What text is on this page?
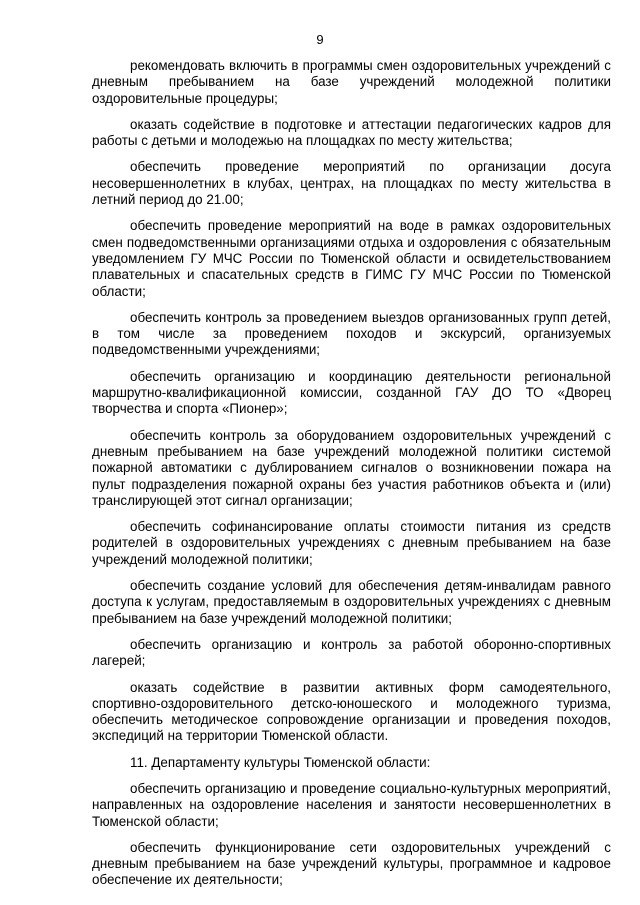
9

рекомендовать включить в программы смен оздоровительных учреждений с дневным пребыванием на базе учреждений молодежной политики оздоровительные процедуры;

оказать содействие в подготовке и аттестации педагогических кадров для работы с детьми и молодежью на площадках по месту жительства;

обеспечить проведение мероприятий по организации досуга несовершеннолетних в клубах, центрах, на площадках по месту жительства в летний период до 21.00;

обеспечить проведение мероприятий на воде в рамках оздоровительных смен подведомственными организациями отдыха и оздоровления с обязательным уведомлением ГУ МЧС России по Тюменской области и освидетельствованием плавательных и спасательных средств в ГИМС ГУ МЧС России по Тюменской области;

обеспечить контроль за проведением выездов организованных групп детей, в том числе за проведением походов и экскурсий, организуемых подведомственными учреждениями;

обеспечить организацию и координацию деятельности региональной маршрутно-квалификационной комиссии, созданной ГАУ ДО ТО «Дворец творчества и спорта «Пионер»;

обеспечить контроль за оборудованием оздоровительных учреждений с дневным пребыванием на базе учреждений молодежной политики системой пожарной автоматики с дублированием сигналов о возникновении пожара на пульт подразделения пожарной охраны без участия работников объекта и (или) транслирующей этот сигнал организации;

обеспечить софинансирование оплаты стоимости питания из средств родителей в оздоровительных учреждениях с дневным пребыванием на базе учреждений молодежной политики;

обеспечить создание условий для обеспечения детям-инвалидам равного доступа к услугам, предоставляемым в оздоровительных учреждениях с дневным пребыванием на базе учреждений молодежной политики;

обеспечить организацию и контроль за работой оборонно-спортивных лагерей;

оказать содействие в развитии активных форм самодеятельного, спортивно-оздоровительного детско-юношеского и молодежного туризма, обеспечить методическое сопровождение организации и проведения походов, экспедиций на территории Тюменской области.

11. Департаменту культуры Тюменской области:

обеспечить организацию и проведение социально-культурных мероприятий, направленных на оздоровление населения и занятости несовершеннолетних в Тюменской области;

обеспечить функционирование сети оздоровительных учреждений с дневным пребыванием на базе учреждений культуры, программное и кадровое обеспечение их деятельности;
